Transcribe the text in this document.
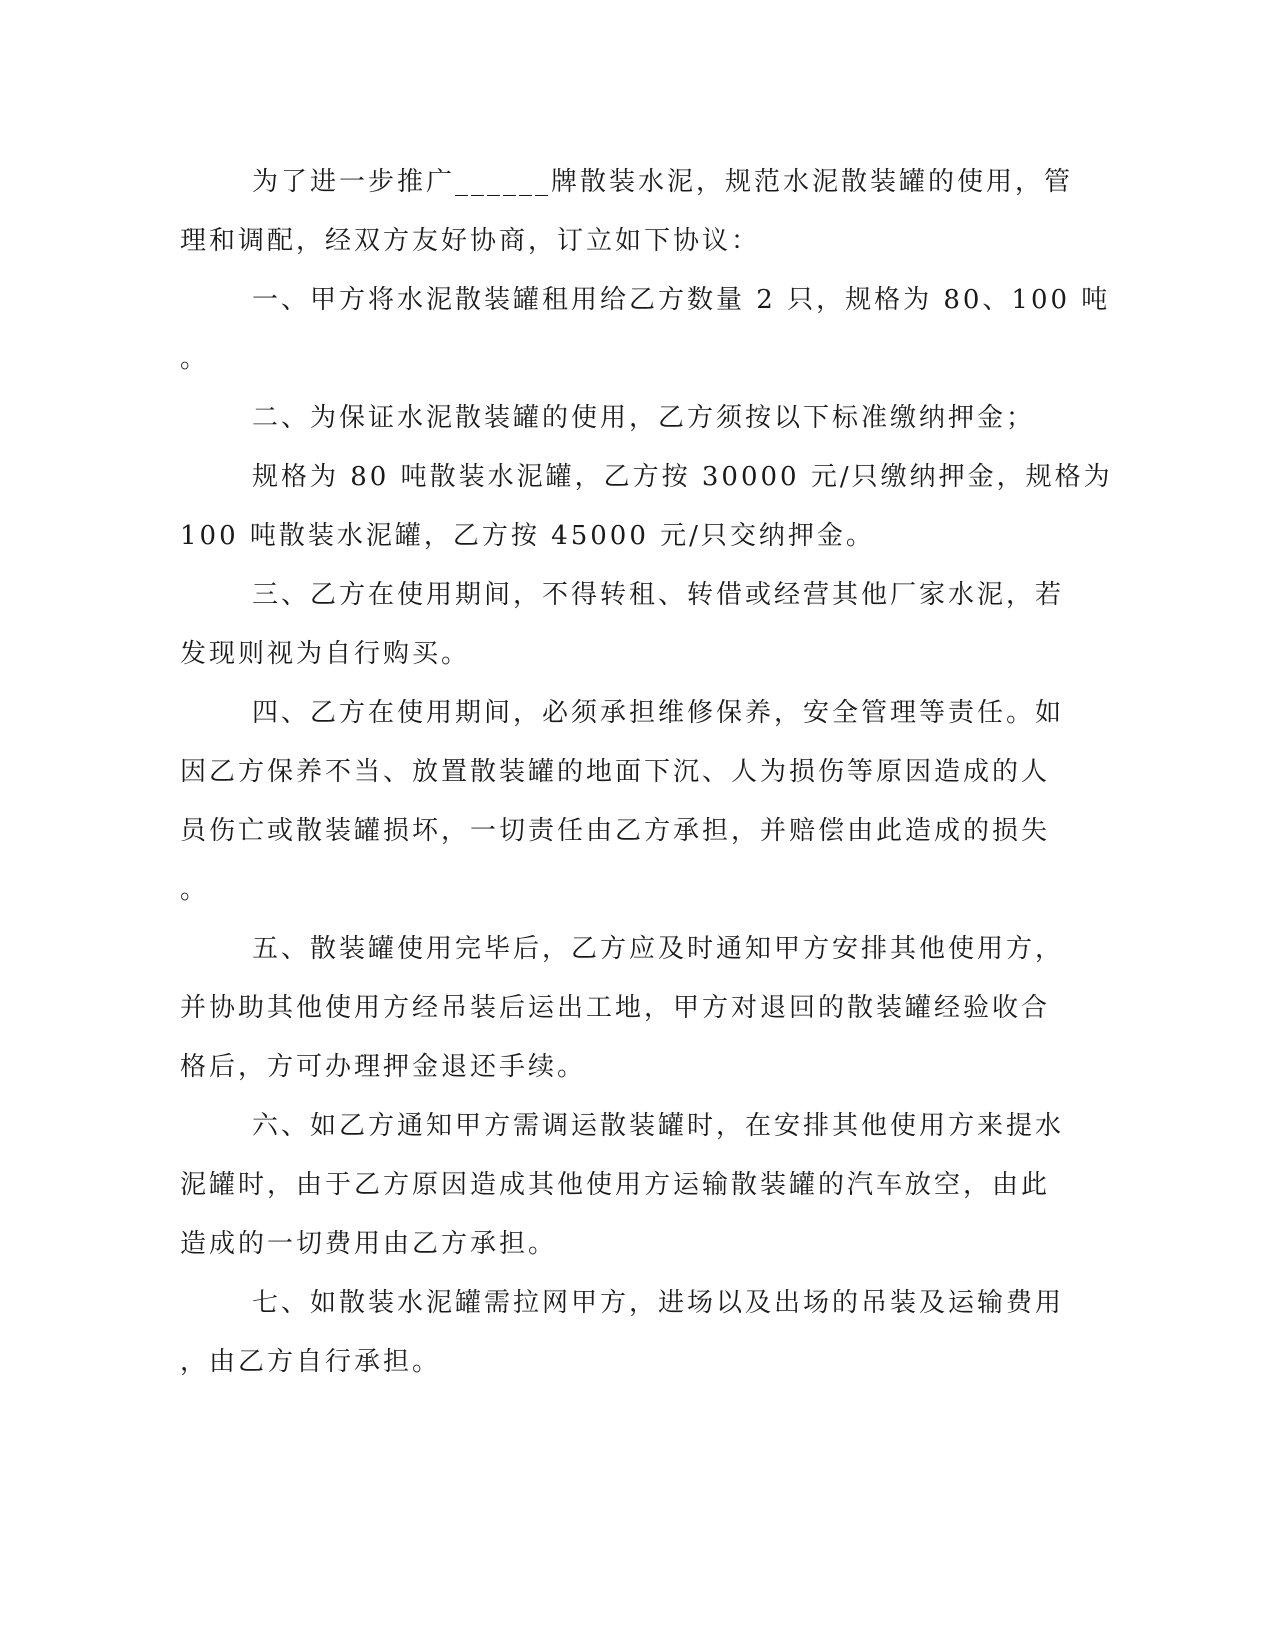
为了进一步推广______牌散装水泥，规范水泥散装罐的使用，管
理和调配，经双方友好协商，订立如下协议：
一、甲方将水泥散装罐租用给乙方数量 2 只，规格为 80、100 吨
。
二、为保证水泥散装罐的使用，乙方须按以下标准缴纳押金；
规格为 80 吨散装水泥罐，乙方按 30000 元/只缴纳押金，规格为
100 吨散装水泥罐，乙方按 45000 元/只交纳押金。
三、乙方在使用期间，不得转租、转借或经营其他厂家水泥，若
发现则视为自行购买。
四、乙方在使用期间，必须承担维修保养，安全管理等责任。如
因乙方保养不当、放置散装罐的地面下沉、人为损伤等原因造成的人
员伤亡或散装罐损坏，一切责任由乙方承担，并赔偿由此造成的损失
。
五、散装罐使用完毕后，乙方应及时通知甲方安排其他使用方，
并协助其他使用方经吊装后运出工地，甲方对退回的散装罐经验收合
格后，方可办理押金退还手续。
六、如乙方通知甲方需调运散装罐时，在安排其他使用方来提水
泥罐时，由于乙方原因造成其他使用方运输散装罐的汽车放空，由此
造成的一切费用由乙方承担。
七、如散装水泥罐需拉网甲方，进场以及出场的吊装及运输费用
，由乙方自行承担。
